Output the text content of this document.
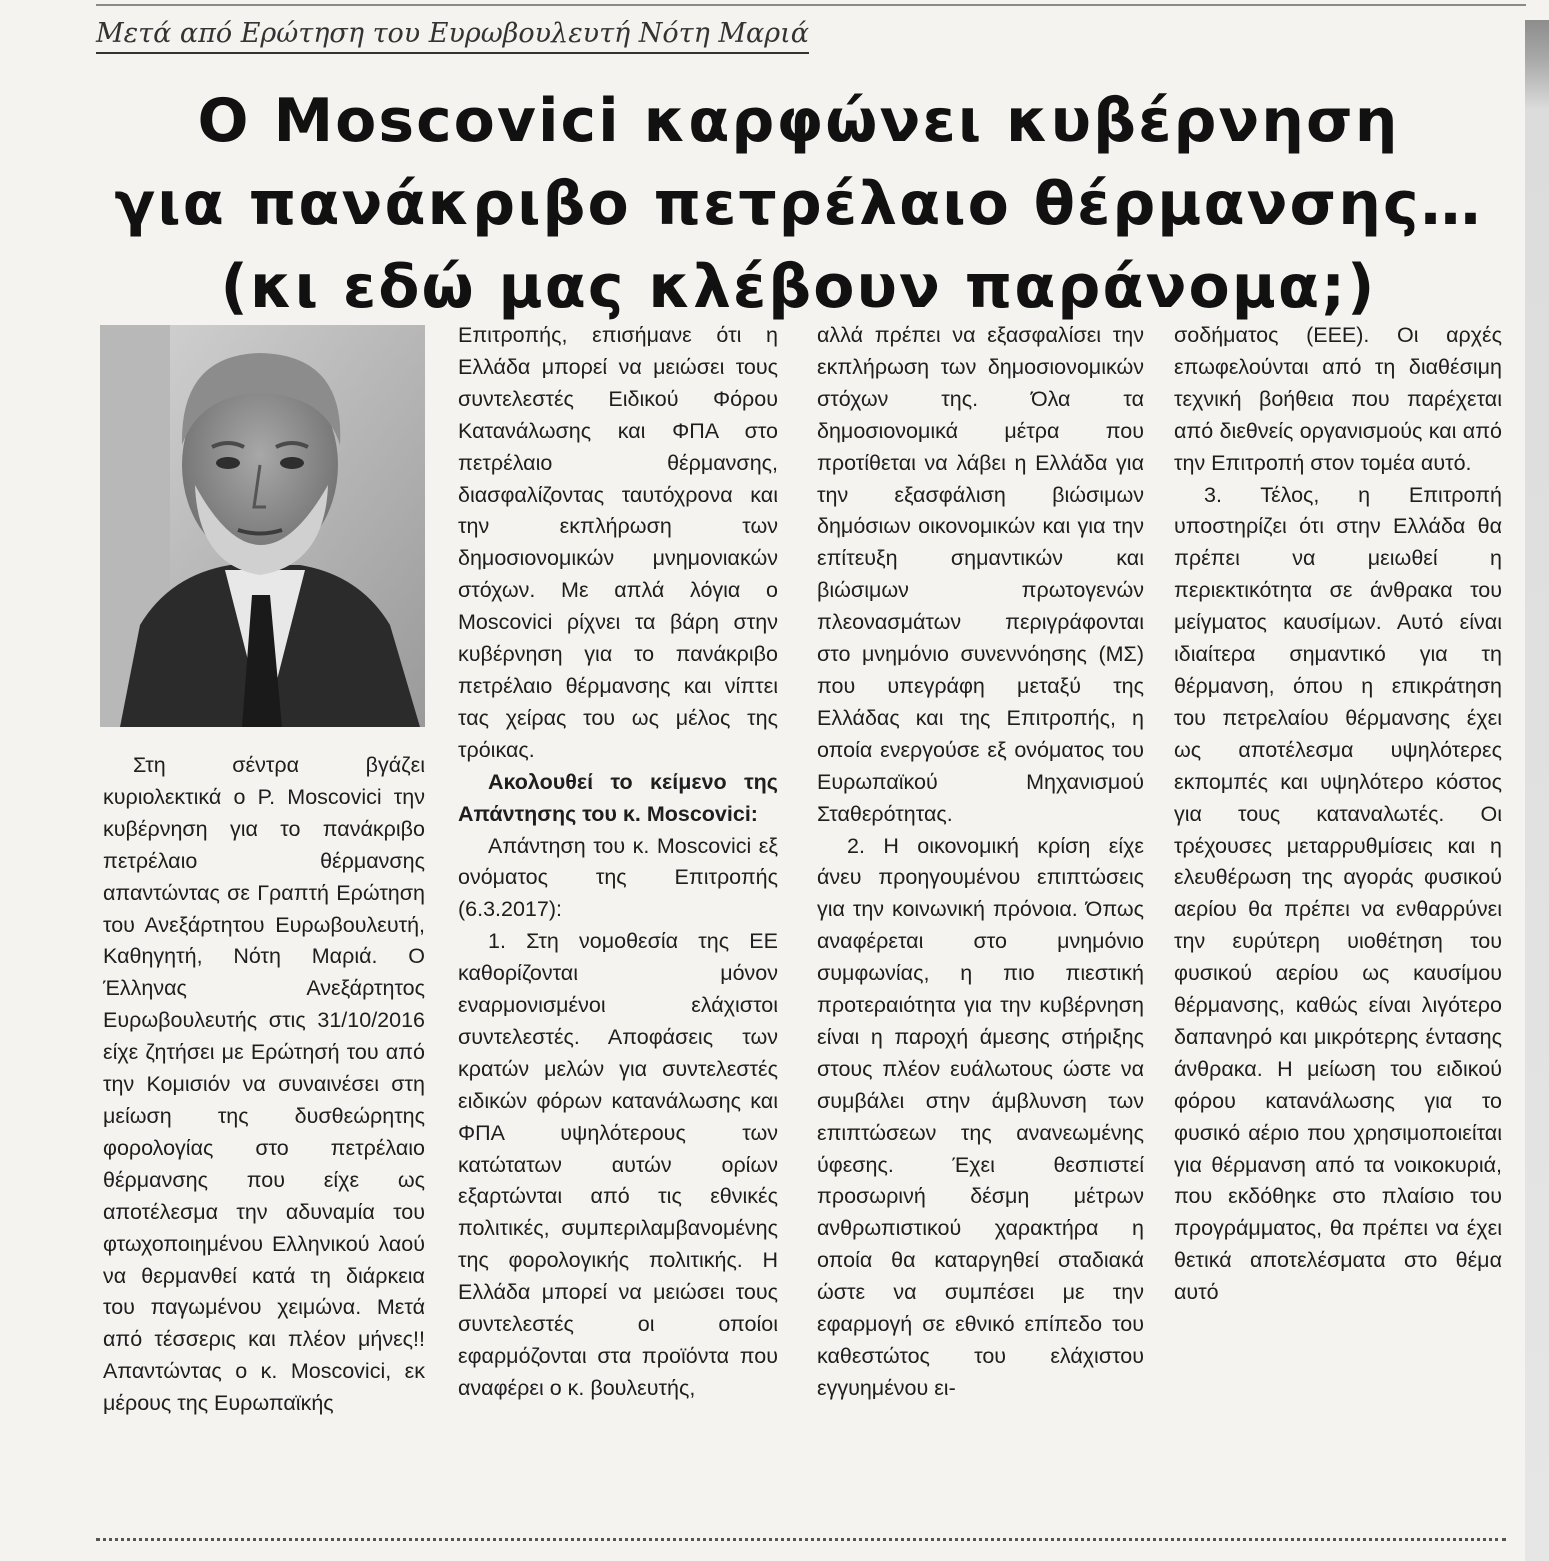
Μετά από Ερώτηση του Ευρωβουλευτή Νότη Μαριά
Ο Moscovici καρφώνει κυβέρνηση
για πανάκριβο πετρέλαιο θέρμανσης…
(κι εδώ μας κλέβουν παράνομα;)

Στη σέντρα βγάζει κυριολεκτικά ο Ρ. Moscovici την κυβέρνηση για το πανάκριβο πετρέλαιο θέρμανσης απαντώντας σε Γραπτή Ερώτηση του Ανεξάρτητου Ευρωβουλευτή, Καθηγητή, Νότη Μαριά. Ο Έλληνας Ανεξάρτητος Ευρωβουλευτής στις 31/10/2016 είχε ζητήσει με Ερώτησή του από την Κομισιόν να συναινέσει στη μείωση της δυσθεώρητης φορολογίας στο πετρέλαιο θέρμανσης που είχε ως αποτέλεσμα την αδυναμία του φτωχοποιημένου Ελληνικού λαού να θερμανθεί κατά τη διάρκεια του παγωμένου χειμώνα. Μετά από τέσσερις και πλέον μήνες!! Απαντώντας ο κ. Moscovici, εκ μέρους της Ευρωπαϊκής

Επιτροπής, επισήμανε ότι η Ελλάδα μπορεί να μειώσει τους συντελεστές Ειδικού Φόρου Κατανάλωσης και ΦΠΑ στο πετρέλαιο θέρμανσης, διασφαλίζοντας ταυτόχρονα και την εκπλήρωση των δημοσιονομικών μνημονιακών στόχων. Με απλά λόγια ο Moscovici ρίχνει τα βάρη στην κυβέρνηση για το πανάκριβο πετρέλαιο θέρμανσης και νίπτει τας χείρας του ως μέλος της τρόικας.

Ακολουθεί το κείμενο της Απάντησης του κ. Moscovici:

Απάντηση του κ. Moscovici εξ ονόματος της Επιτροπής (6.3.2017):

1. Στη νομοθεσία της ΕΕ καθορίζονται μόνον εναρμονισμένοι ελάχιστοι συντελεστές. Αποφάσεις των κρατών μελών για συντελεστές ειδικών φόρων κατανάλωσης και ΦΠΑ υψηλότερους των κατώτατων αυτών ορίων εξαρτώνται από τις εθνικές πολιτικές, συμπεριλαμβανομένης της φορολογικής πολιτικής. Η Ελλάδα μπορεί να μειώσει τους συντελεστές οι οποίοι εφαρμόζονται στα προϊόντα που αναφέρει ο κ. βουλευτής,

αλλά πρέπει να εξασφαλίσει την εκπλήρωση των δημοσιονομικών στόχων της. Όλα τα δημοσιονομικά μέτρα που προτίθεται να λάβει η Ελλάδα για την εξασφάλιση βιώσιμων δημόσιων οικονομικών και για την επίτευξη σημαντικών και βιώσιμων πρωτογενών πλεονασμάτων περιγράφονται στο μνημόνιο συνεννόησης (ΜΣ) που υπεγράφη μεταξύ της Ελλάδας και της Επιτροπής, η οποία ενεργούσε εξ ονόματος του Ευρωπαϊκού Μηχανισμού Σταθερότητας.

2. Η οικονομική κρίση είχε άνευ προηγουμένου επιπτώσεις για την κοινωνική πρόνοια. Όπως αναφέρεται στο μνημόνιο συμφωνίας, η πιο πιεστική προτεραιότητα για την κυβέρνηση είναι η παροχή άμεσης στήριξης στους πλέον ευάλωτους ώστε να συμβάλει στην άμβλυνση των επιπτώσεων της ανανεωμένης ύφεσης. Έχει θεσπιστεί προσωρινή δέσμη μέτρων ανθρωπιστικού χαρακτήρα η οποία θα καταργηθεί σταδιακά ώστε να συμπέσει με την εφαρμογή σε εθνικό επίπεδο του καθεστώτος του ελάχιστου εγγυημένου ει-

σοδήματος (ΕΕΕ). Οι αρχές επωφελούνται από τη διαθέσιμη τεχνική βοήθεια που παρέχεται από διεθνείς οργανισμούς και από την Επιτροπή στον τομέα αυτό.

3. Τέλος, η Επιτροπή υποστηρίζει ότι στην Ελλάδα θα πρέπει να μειωθεί η περιεκτικότητα σε άνθρακα του μείγματος καυσίμων. Αυτό είναι ιδιαίτερα σημαντικό για τη θέρμανση, όπου η επικράτηση του πετρελαίου θέρμανσης έχει ως αποτέλεσμα υψηλότερες εκπομπές και υψηλότερο κόστος για τους καταναλωτές. Οι τρέχουσες μεταρρυθμίσεις και η ελευθέρωση της αγοράς φυσικού αερίου θα πρέπει να ενθαρρύνει την ευρύτερη υιοθέτηση του φυσικού αερίου ως καυσίμου θέρμανσης, καθώς είναι λιγότερο δαπανηρό και μικρότερης έντασης άνθρακα. Η μείωση του ειδικού φόρου κατανάλωσης για το φυσικό αέριο που χρησιμοποιείται για θέρμανση από τα νοικοκυριά, που εκδόθηκε στο πλαίσιο του προγράμματος, θα πρέπει να έχει θετικά αποτελέσματα στο θέμα αυτό
